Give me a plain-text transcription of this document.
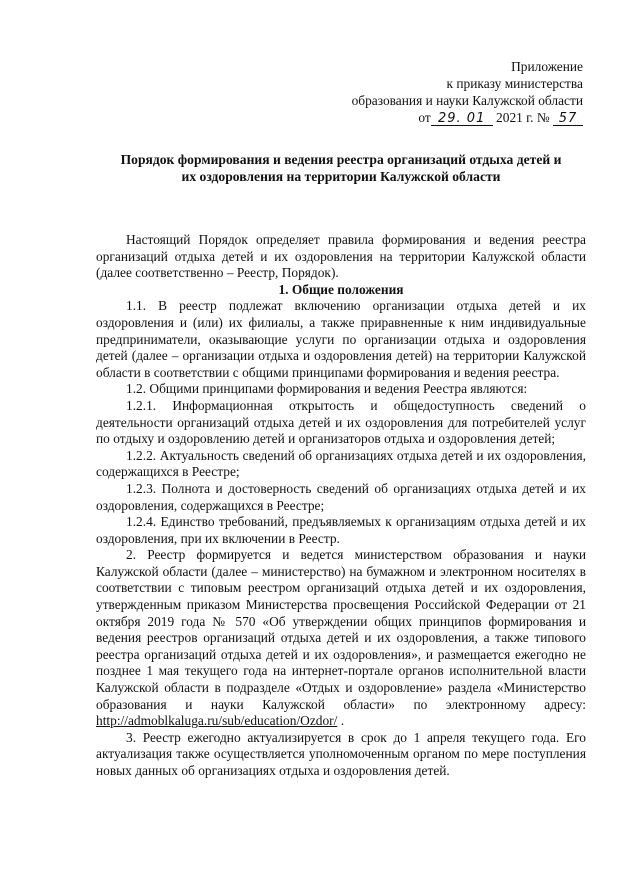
Приложение
к приказу министерства
образования и науки Калужской области
от 29. 01 2021 г. № 57
Порядок формирования и ведения реестра организаций отдыха детей и
их оздоровления на территории Калужской области

Настоящий Порядок определяет правила формирования и ведения реестра организаций отдыха детей и их оздоровления на территории Калужской области (далее соответственно – Реестр, Порядок).

1. Общие положения

1.1. В реестр подлежат включению организации отдыха детей и их оздоровления и (или) их филиалы, а также приравненные к ним индивидуальные предприниматели, оказывающие услуги по организации отдыха и оздоровления детей (далее – организации отдыха и оздоровления детей) на территории Калужской области в соответствии с общими принципами формирования и ведения реестра.

1.2. Общими принципами формирования и ведения Реестра являются:

1.2.1. Информационная открытость и общедоступность сведений о деятельности организаций отдыха детей и их оздоровления для потребителей услуг по отдыху и оздоровлению детей и организаторов отдыха и оздоровления детей;

1.2.2. Актуальность сведений об организациях отдыха детей и их оздоровления, содержащихся в Реестре;

1.2.3. Полнота и достоверность сведений об организациях отдыха детей и их оздоровления, содержащихся в Реестре;

1.2.4. Единство требований, предъявляемых к организациям отдыха детей и их оздоровления, при их включении в Реестр.

2. Реестр формируется и ведется министерством образования и науки Калужской области (далее – министерство) на бумажном и электронном носителях в соответствии с типовым реестром организаций отдыха детей и их оздоровления, утвержденным приказом Министерства просвещения Российской Федерации от 21 октября 2019 года № 570 «Об утверждении общих принципов формирования и ведения реестров организаций отдыха детей и их оздоровления, а также типового реестра организаций отдыха детей и их оздоровления», и размещается ежегодно не позднее 1 мая текущего года на интернет-портале органов исполнительной власти Калужской области в подразделе «Отдых и оздоровление» раздела «Министерство образования и науки Калужской области» по электронному адресу: http://admoblkaluga.ru/sub/education/Ozdor/ .

3. Реестр ежегодно актуализируется в срок до 1 апреля текущего года. Его актуализация также осуществляется уполномоченным органом по мере поступления новых данных об организациях отдыха и оздоровления детей.
